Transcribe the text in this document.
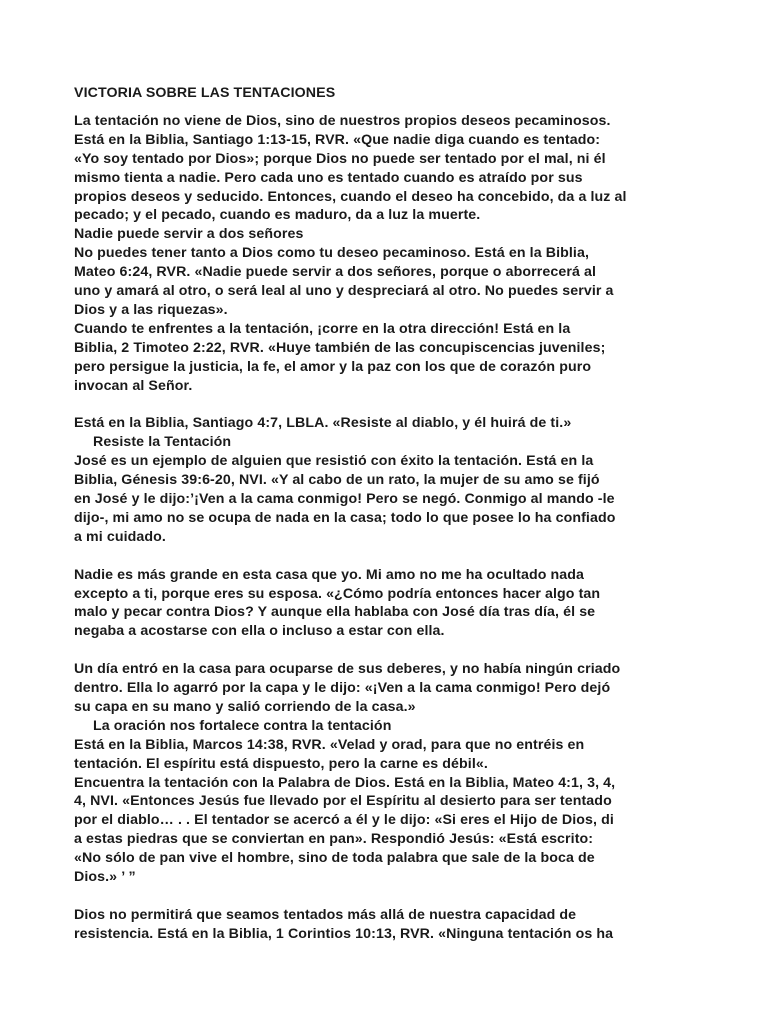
VICTORIA SOBRE LAS TENTACIONES
La tentación no viene de Dios, sino de nuestros propios deseos pecaminosos.
Está en la Biblia, Santiago 1:13-15, RVR. «Que nadie diga cuando es tentado:
«Yo soy tentado por Dios»; porque Dios no puede ser tentado por el mal, ni él
mismo tienta a nadie. Pero cada uno es tentado cuando es atraído por sus
propios deseos y seducido. Entonces, cuando el deseo ha concebido, da a luz al
pecado; y el pecado, cuando es maduro, da a luz la muerte.
Nadie puede servir a dos señores
No puedes tener tanto a Dios como tu deseo pecaminoso. Está en la Biblia,
Mateo 6:24, RVR. «Nadie puede servir a dos señores, porque o aborrecerá al
uno y amará al otro, o será leal al uno y despreciará al otro. No puedes servir a
Dios y a las riquezas».
Cuando te enfrentes a la tentación, ¡corre en la otra dirección! Está en la
Biblia, 2 Timoteo 2:22, RVR. «Huye también de las concupiscencias juveniles;
pero persigue la justicia, la fe, el amor y la paz con los que de corazón puro
invocan al Señor.
Está en la Biblia, Santiago 4:7, LBLA. «Resiste al diablo, y él huirá de ti.»
Resiste la Tentación
José es un ejemplo de alguien que resistió con éxito la tentación. Está en la
Biblia, Génesis 39:6-20, NVI. «Y al cabo de un rato, la mujer de su amo se fijó
en José y le dijo:’¡Ven a la cama conmigo! Pero se negó. Conmigo al mando -le
dijo-, mi amo no se ocupa de nada en la casa; todo lo que posee lo ha confiado
a mi cuidado.
Nadie es más grande en esta casa que yo. Mi amo no me ha ocultado nada
excepto a ti, porque eres su esposa. «¿Cómo podría entonces hacer algo tan
malo y pecar contra Dios? Y aunque ella hablaba con José día tras día, él se
negaba a acostarse con ella o incluso a estar con ella.
Un día entró en la casa para ocuparse de sus deberes, y no había ningún criado
dentro. Ella lo agarró por la capa y le dijo: «¡Ven a la cama conmigo! Pero dejó
su capa en su mano y salió corriendo de la casa.»
La oración nos fortalece contra la tentación
Está en la Biblia, Marcos 14:38, RVR. «Velad y orad, para que no entréis en
tentación. El espíritu está dispuesto, pero la carne es débil«.
Encuentra la tentación con la Palabra de Dios. Está en la Biblia, Mateo 4:1, 3, 4,
4, NVI. «Entonces Jesús fue llevado por el Espíritu al desierto para ser tentado
por el diablo… . . El tentador se acercó a él y le dijo: «Si eres el Hijo de Dios, di
a estas piedras que se conviertan en pan». Respondió Jesús: «Está escrito:
«No sólo de pan vive el hombre, sino de toda palabra que sale de la boca de
Dios.» ’ ”
Dios no permitirá que seamos tentados más allá de nuestra capacidad de
resistencia. Está en la Biblia, 1 Corintios 10:13, RVR. «Ninguna tentación os ha
